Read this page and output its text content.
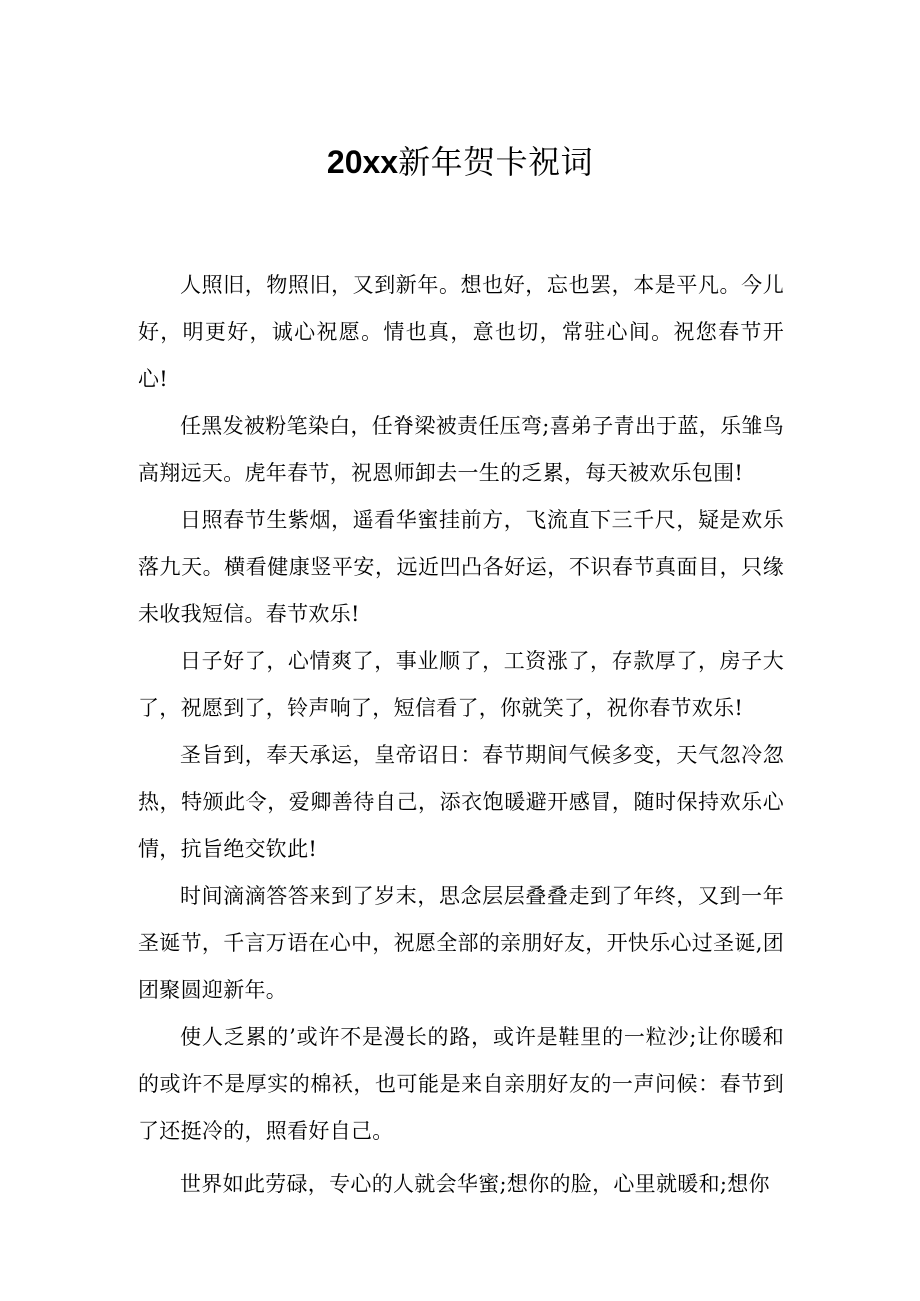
20xx新年贺卡祝词

人照旧，物照旧，又到新年。想也好，忘也罢，本是平凡。今儿好，明更好，诚心祝愿。情也真，意也切，常驻心间。祝您春节开心!

任黑发被粉笔染白，任脊梁被责任压弯;喜弟子青出于蓝，乐雏鸟高翔远天。虎年春节，祝恩师卸去一生的乏累，每天被欢乐包围!

日照春节生紫烟，遥看华蜜挂前方，飞流直下三千尺，疑是欢乐落九天。横看健康竖平安，远近凹凸各好运，不识春节真面目，只缘未收我短信。春节欢乐!

日子好了，心情爽了，事业顺了，工资涨了，存款厚了，房子大了，祝愿到了，铃声响了，短信看了，你就笑了，祝你春节欢乐!

圣旨到，奉天承运，皇帝诏日：春节期间气候多变，天气忽冷忽热，特颁此令，爱卿善待自己，添衣饱暖避开感冒，随时保持欢乐心情，抗旨绝交钦此!

时间滴滴答答来到了岁末，思念层层叠叠走到了年终，又到一年圣诞节，千言万语在心中，祝愿全部的亲朋好友，开快乐心过圣诞,团团聚圆迎新年。

使人乏累的’或许不是漫长的路，或许是鞋里的一粒沙;让你暖和的或许不是厚实的棉袄，也可能是来自亲朋好友的一声问候：春节到了还挺冷的，照看好自己。

世界如此劳碌，专心的人就会华蜜;想你的脸，心里就暖和;想你
